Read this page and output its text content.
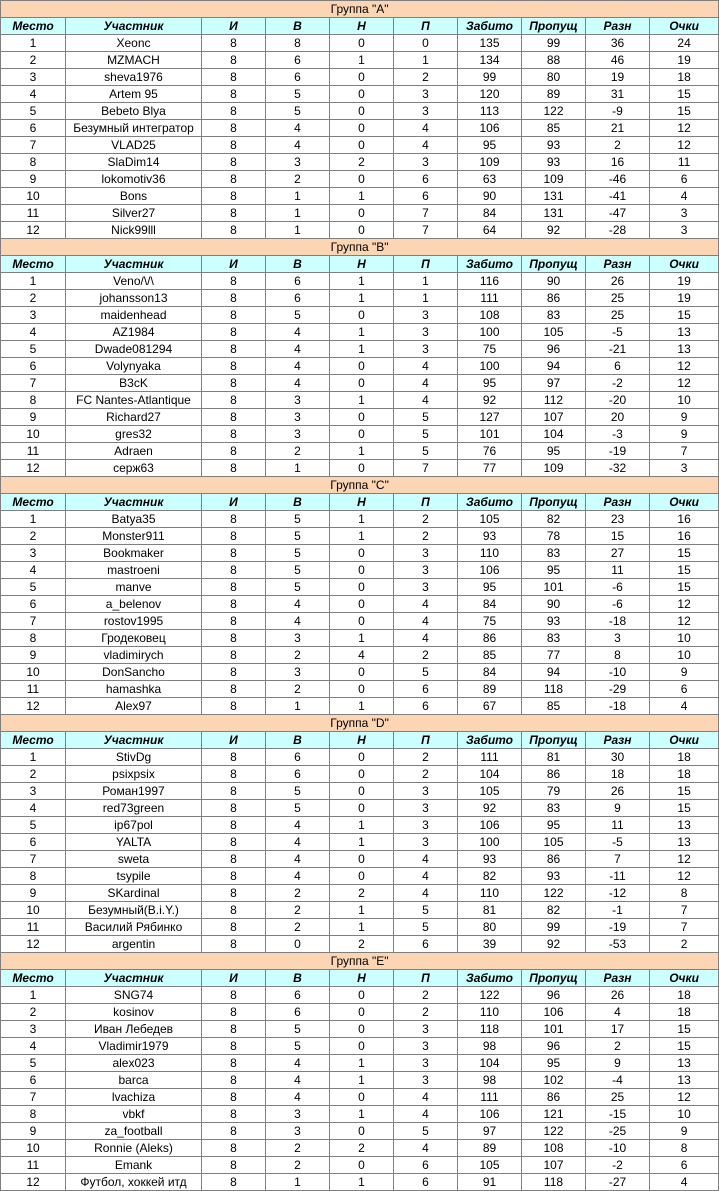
Группа "А"									
Место	Участник	И	В	Н	П	Забито	Пропущ	Разн	Очки
1	Xeonc	8	8	0	0	135	99	36	24
2	MZMACH	8	6	1	1	134	88	46	19
3	sheva1976	8	6	0	2	99	80	19	18
4	Artem 95	8	5	0	3	120	89	31	15
5	Bebeto Blya	8	5	0	3	113	122	-9	15
6	Безумный интегратор	8	4	0	4	106	85	21	12
7	VLAD25	8	4	0	4	95	93	2	12
8	SlaDim14	8	3	2	3	109	93	16	11
9	lokomotiv36	8	2	0	6	63	109	-46	6
10	Bons	8	1	1	6	90	131	-41	4
11	Silver27	8	1	0	7	84	131	-47	3
12	Nick99lll	8	1	0	7	64	92	-28	3
Группа "В"									
Место	Участник	И	В	Н	П	Забито	Пропущ	Разн	Очки
1	Veno/\/\	8	6	1	1	116	90	26	19
2	johansson13	8	6	1	1	111	86	25	19
3	maidenhead	8	5	0	3	108	83	25	15
4	AZ1984	8	4	1	3	100	105	-5	13
5	Dwade081294	8	4	1	3	75	96	-21	13
6	Volynyaka	8	4	0	4	100	94	6	12
7	B3cK	8	4	0	4	95	97	-2	12
8	FC Nantes-Atlantique	8	3	1	4	92	112	-20	10
9	Richard27	8	3	0	5	127	107	20	9
10	gres32	8	3	0	5	101	104	-3	9
11	Adraen	8	2	1	5	76	95	-19	7
12	серж63	8	1	0	7	77	109	-32	3
Группа "С"									
Место	Участник	И	В	Н	П	Забито	Пропущ	Разн	Очки
1	Batya35	8	5	1	2	105	82	23	16
2	Monster911	8	5	1	2	93	78	15	16
3	Bookmaker	8	5	0	3	110	83	27	15
4	mastroeni	8	5	0	3	106	95	11	15
5	manve	8	5	0	3	95	101	-6	15
6	a_belenov	8	4	0	4	84	90	-6	12
7	rostov1995	8	4	0	4	75	93	-18	12
8	Гродековец	8	3	1	4	86	83	3	10
9	vladimirych	8	2	4	2	85	77	8	10
10	DonSancho	8	3	0	5	84	94	-10	9
11	hamashka	8	2	0	6	89	118	-29	6
12	Alex97	8	1	1	6	67	85	-18	4
Группа "D"									
Место	Участник	И	В	Н	П	Забито	Пропущ	Разн	Очки
1	StivDg	8	6	0	2	111	81	30	18
2	psixpsix	8	6	0	2	104	86	18	18
3	Роман1997	8	5	0	3	105	79	26	15
4	red73green	8	5	0	3	92	83	9	15
5	ip67pol	8	4	1	3	106	95	11	13
6	YALTA	8	4	1	3	100	105	-5	13
7	sweta	8	4	0	4	93	86	7	12
8	tsypile	8	4	0	4	82	93	-11	12
9	SKardinal	8	2	2	4	110	122	-12	8
10	Безумный(B.i.Y.)	8	2	1	5	81	82	-1	7
11	Василий Рябинко	8	2	1	5	80	99	-19	7
12	argentin	8	0	2	6	39	92	-53	2
Группа "Е"									
Место	Участник	И	В	Н	П	Забито	Пропущ	Разн	Очки
1	SNG74	8	6	0	2	122	96	26	18
2	kosinov	8	6	0	2	110	106	4	18
3	Иван Лебедев	8	5	0	3	118	101	17	15
4	Vladimir1979	8	5	0	3	98	96	2	15
5	alex023	8	4	1	3	104	95	9	13
6	barca	8	4	1	3	98	102	-4	13
7	lvachiza	8	4	0	4	111	86	25	12
8	vbkf	8	3	1	4	106	121	-15	10
9	za_football	8	3	0	5	97	122	-25	9
10	Ronnie (Aleks)	8	2	2	4	89	108	-10	8
11	Emank	8	2	0	6	105	107	-2	6
12	Футбол, хоккей итд	8	1	1	6	91	118	-27	4
